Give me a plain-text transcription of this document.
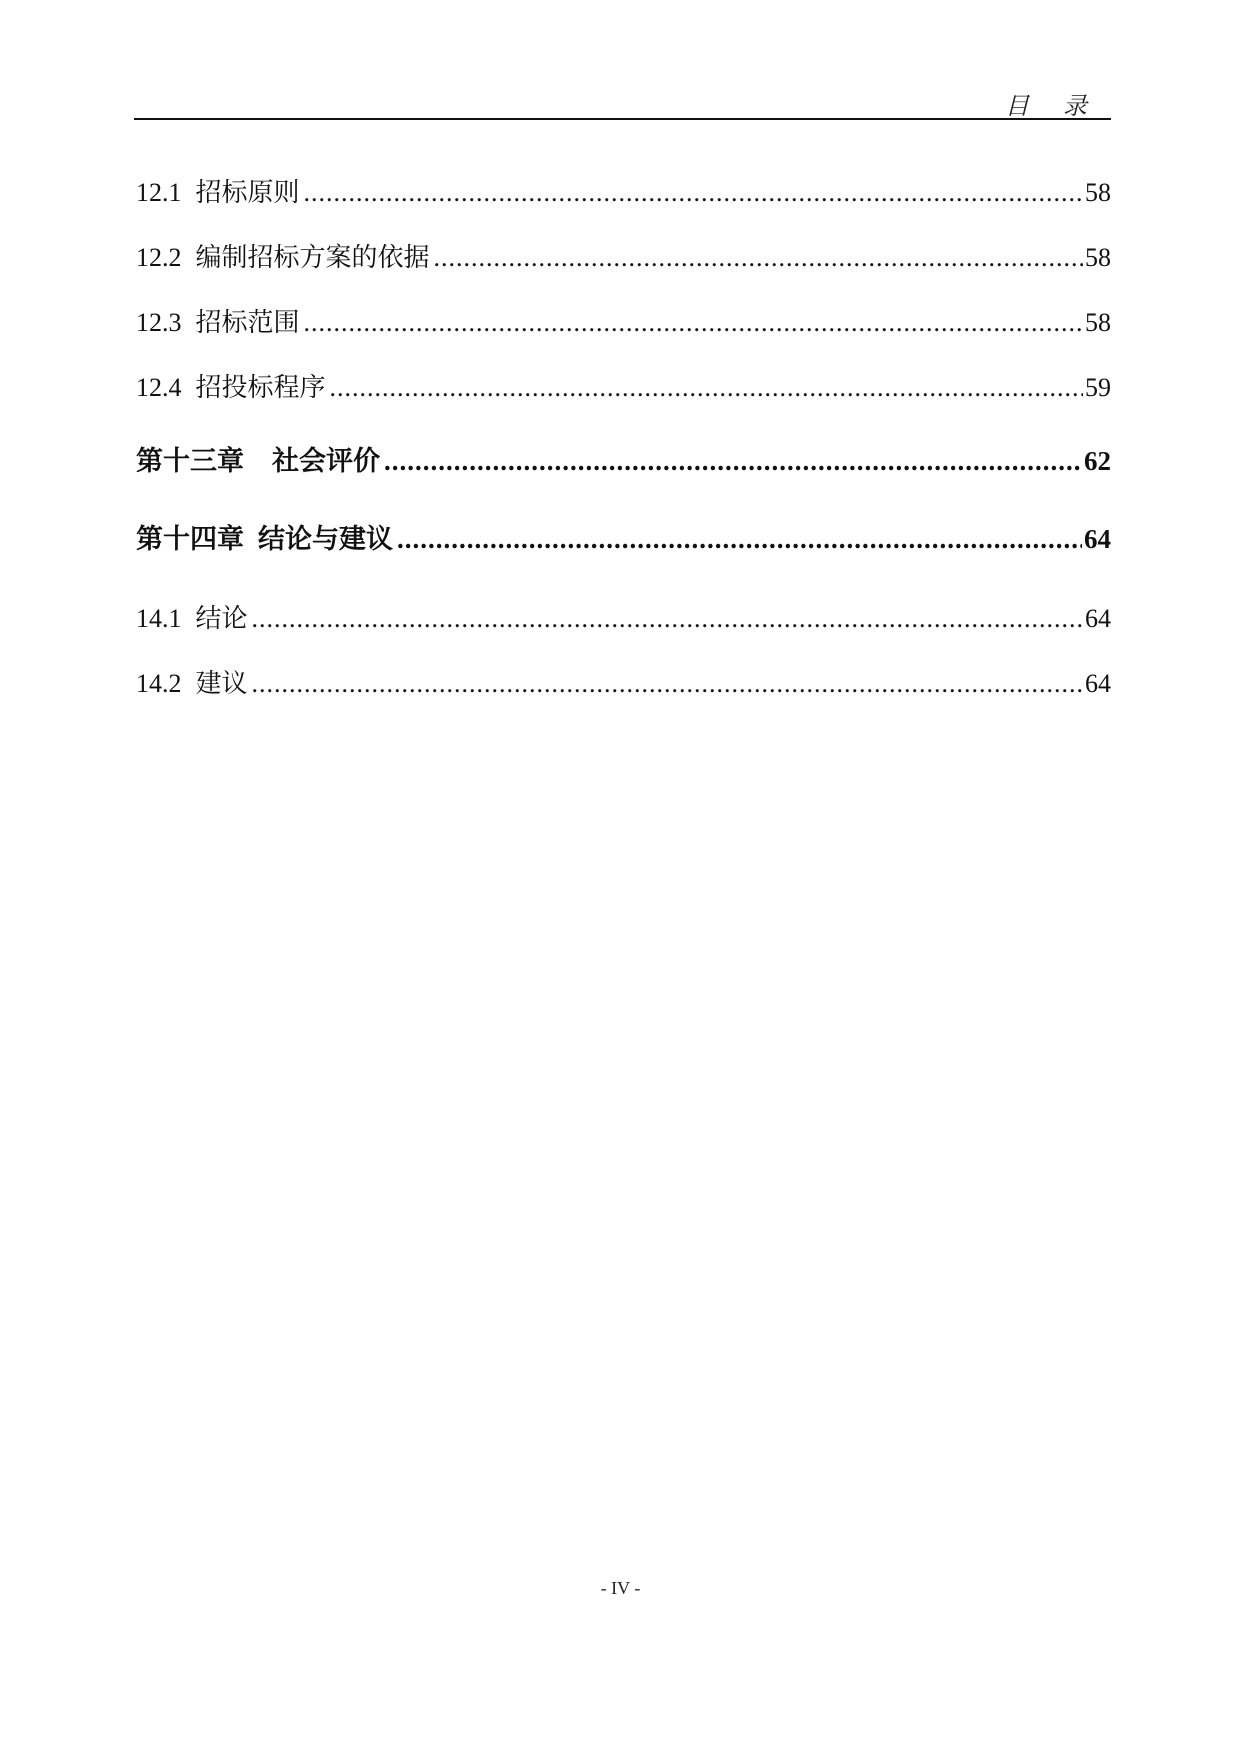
目 录
12.1 招标原则 .....	58
12.2 编制招标方案的依据 .....	58
12.3 招标范围 .....	58
12.4 招投标程序 .....	59
第十三章 社会评价 .....	62
第十四章 结论与建议 .....	64
14.1 结论 .....	64
14.2 建议 .....	64
- IV -
